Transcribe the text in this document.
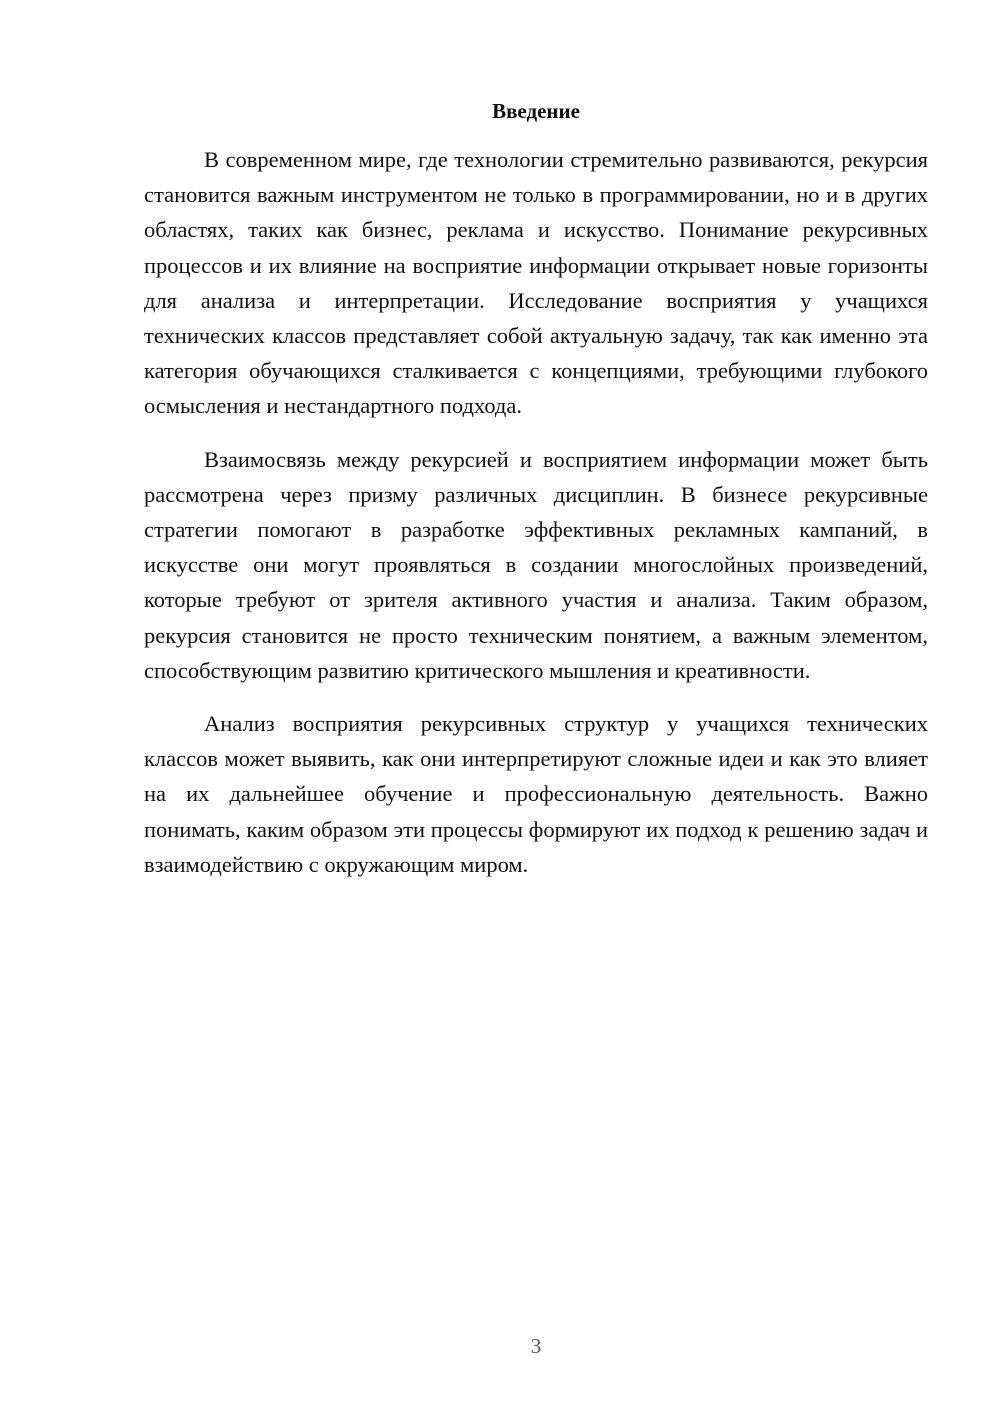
Введение

В современном мире, где технологии стремительно развиваются, рекурсия становится важным инструментом не только в программировании, но и в других областях, таких как бизнес, реклама и искусство. Понимание рекурсивных процессов и их влияние на восприятие информации открывает новые горизонты для анализа и интерпретации. Исследование восприятия у учащихся технических классов представляет собой актуальную задачу, так как именно эта категория обучающихся сталкивается с концепциями, требующими глубокого осмысления и нестандартного подхода.

Взаимосвязь между рекурсией и восприятием информации может быть рассмотрена через призму различных дисциплин. В бизнесе рекурсивные стратегии помогают в разработке эффективных рекламных кампаний, в искусстве они могут проявляться в создании многослойных произведений, которые требуют от зрителя активного участия и анализа. Таким образом, рекурсия становится не просто техническим понятием, а важным элементом, способствующим развитию критического мышления и креативности.

Анализ восприятия рекурсивных структур у учащихся технических классов может выявить, как они интерпретируют сложные идеи и как это влияет на их дальнейшее обучение и профессиональную деятельность. Важно понимать, каким образом эти процессы формируют их подход к решению задач и взаимодействию с окружающим миром.

3
